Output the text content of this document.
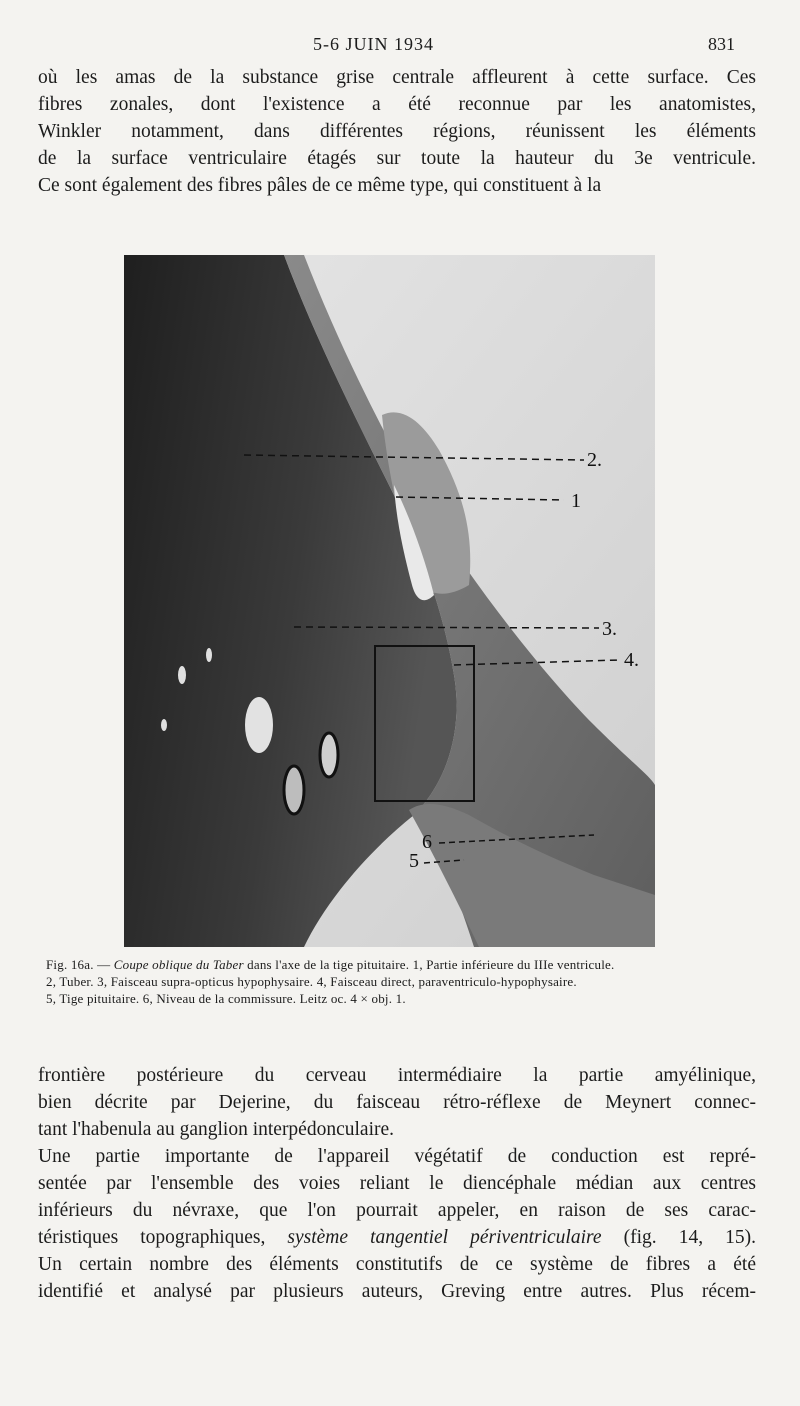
5-6 JUIN 1934	831
où les amas de la substance grise centrale affleurent à cette surface. Ces
fibres zonales, dont l'existence a été reconnue par les anatomistes,
Winkler notamment, dans différentes régions, réunissent les éléments
de la surface ventriculaire étagés sur toute la hauteur du 3e ventricule.
Ce sont également des fibres pâles de ce même type, qui constituent à la
2.
1
3.
4.
6
5
Fig. 16a. — Coupe oblique du Taber dans l'axe de la tige pituitaire. 1, Partie inférieure du IIIe ventricule.
2, Tuber. 3, Faisceau supra-opticus hypophysaire. 4, Faisceau direct, paraventriculo-hypophysaire.
5, Tige pituitaire. 6, Niveau de la commissure. Leitz oc. 4 × obj. 1.
frontière postérieure du cerveau intermédiaire la partie amyélinique,
bien décrite par Dejerine, du faisceau rétro-réflexe de Meynert connec-
tant l'habenula au ganglion interpédonculaire.
Une partie importante de l'appareil végétatif de conduction est repré-
sentée par l'ensemble des voies reliant le diencéphale médian aux centres
inférieurs du névraxe, que l'on pourrait appeler, en raison de ses carac-
téristiques topographiques, système tangentiel périventriculaire (fig. 14, 15).
Un certain nombre des éléments constitutifs de ce système de fibres a été
identifié et analysé par plusieurs auteurs, Greving entre autres. Plus récem-
